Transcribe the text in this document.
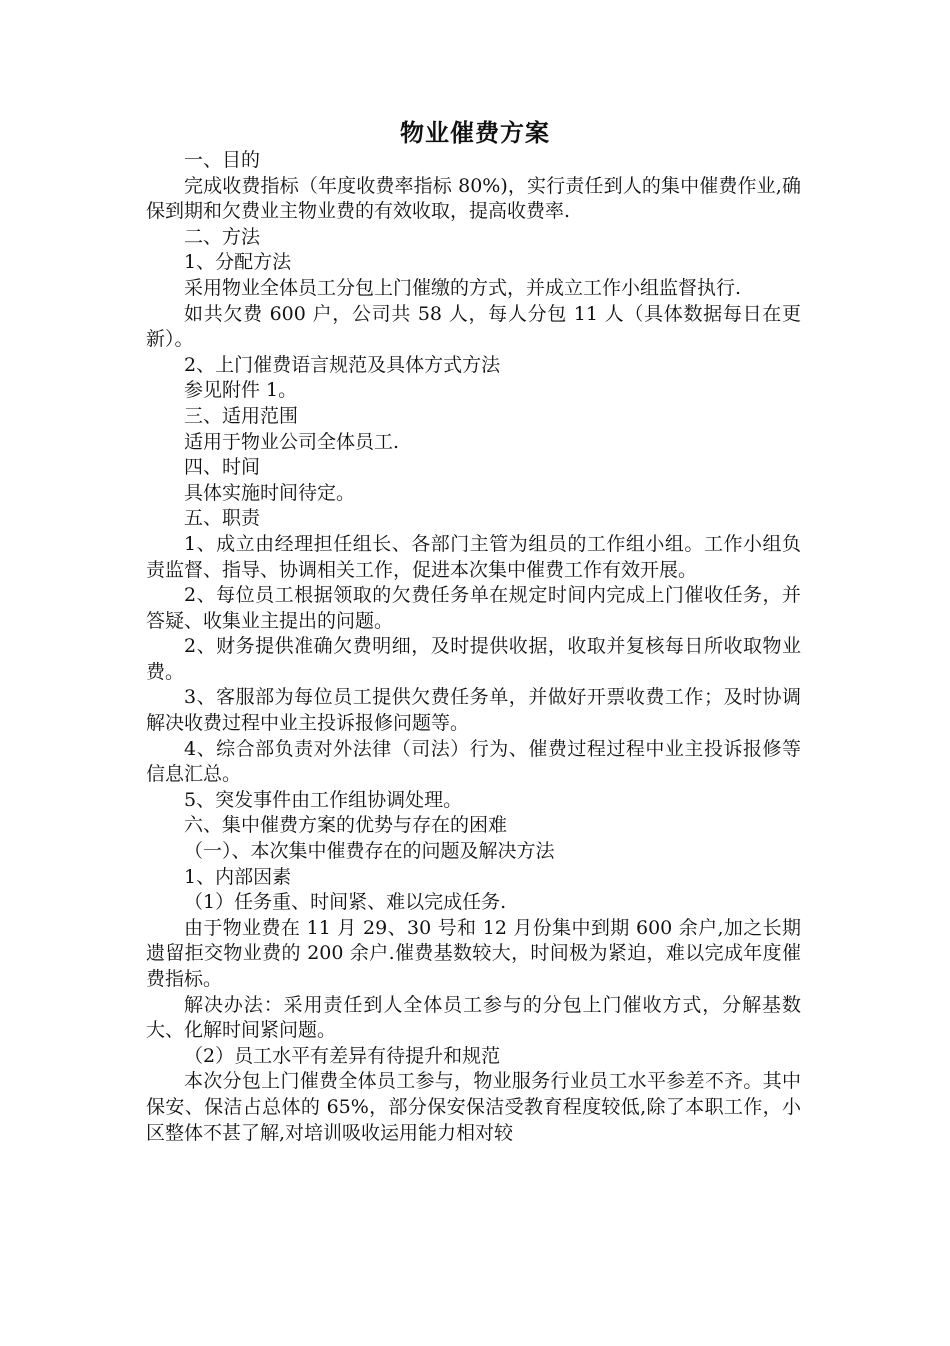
物业催费方案

一、目的

完成收费指标（年度收费率指标 80%)，实行责任到人的集中催费作业,确保到期和欠费业主物业费的有效收取，提高收费率.

二、方法

1、分配方法

采用物业全体员工分包上门催缴的方式，并成立工作小组监督执行.

如共欠费 600 户，公司共 58 人，每人分包 11 人（具体数据每日在更新）。

2、上门催费语言规范及具体方式方法

参见附件 1。

三、适用范围

适用于物业公司全体员工.

四、时间

具体实施时间待定。

五、职责

1、成立由经理担任组长、各部门主管为组员的工作组小组。工作小组负责监督、指导、协调相关工作，促进本次集中催费工作有效开展。

2、每位员工根据领取的欠费任务单在规定时间内完成上门催收任务，并答疑、收集业主提出的问题。

2、财务提供准确欠费明细，及时提供收据，收取并复核每日所收取物业费。

3、客服部为每位员工提供欠费任务单，并做好开票收费工作；及时协调解决收费过程中业主投诉报修问题等。

4、综合部负责对外法律（司法）行为、催费过程过程中业主投诉报修等信息汇总。

5、突发事件由工作组协调处理。

六、集中催费方案的优势与存在的困难

（一）、本次集中催费存在的问题及解决方法

1、内部因素

（1）任务重、时间紧、难以完成任务.

由于物业费在 11 月 29、30 号和 12 月份集中到期 600 余户,加之长期遗留拒交物业费的 200 余户.催费基数较大，时间极为紧迫，难以完成年度催费指标。

解决办法：采用责任到人全体员工参与的分包上门催收方式，分解基数大、化解时间紧问题。

（2）员工水平有差异有待提升和规范

本次分包上门催费全体员工参与，物业服务行业员工水平参差不齐。其中保安、保洁占总体的 65%，部分保安保洁受教育程度较低,除了本职工作，小区整体不甚了解,对培训吸收运用能力相对较
